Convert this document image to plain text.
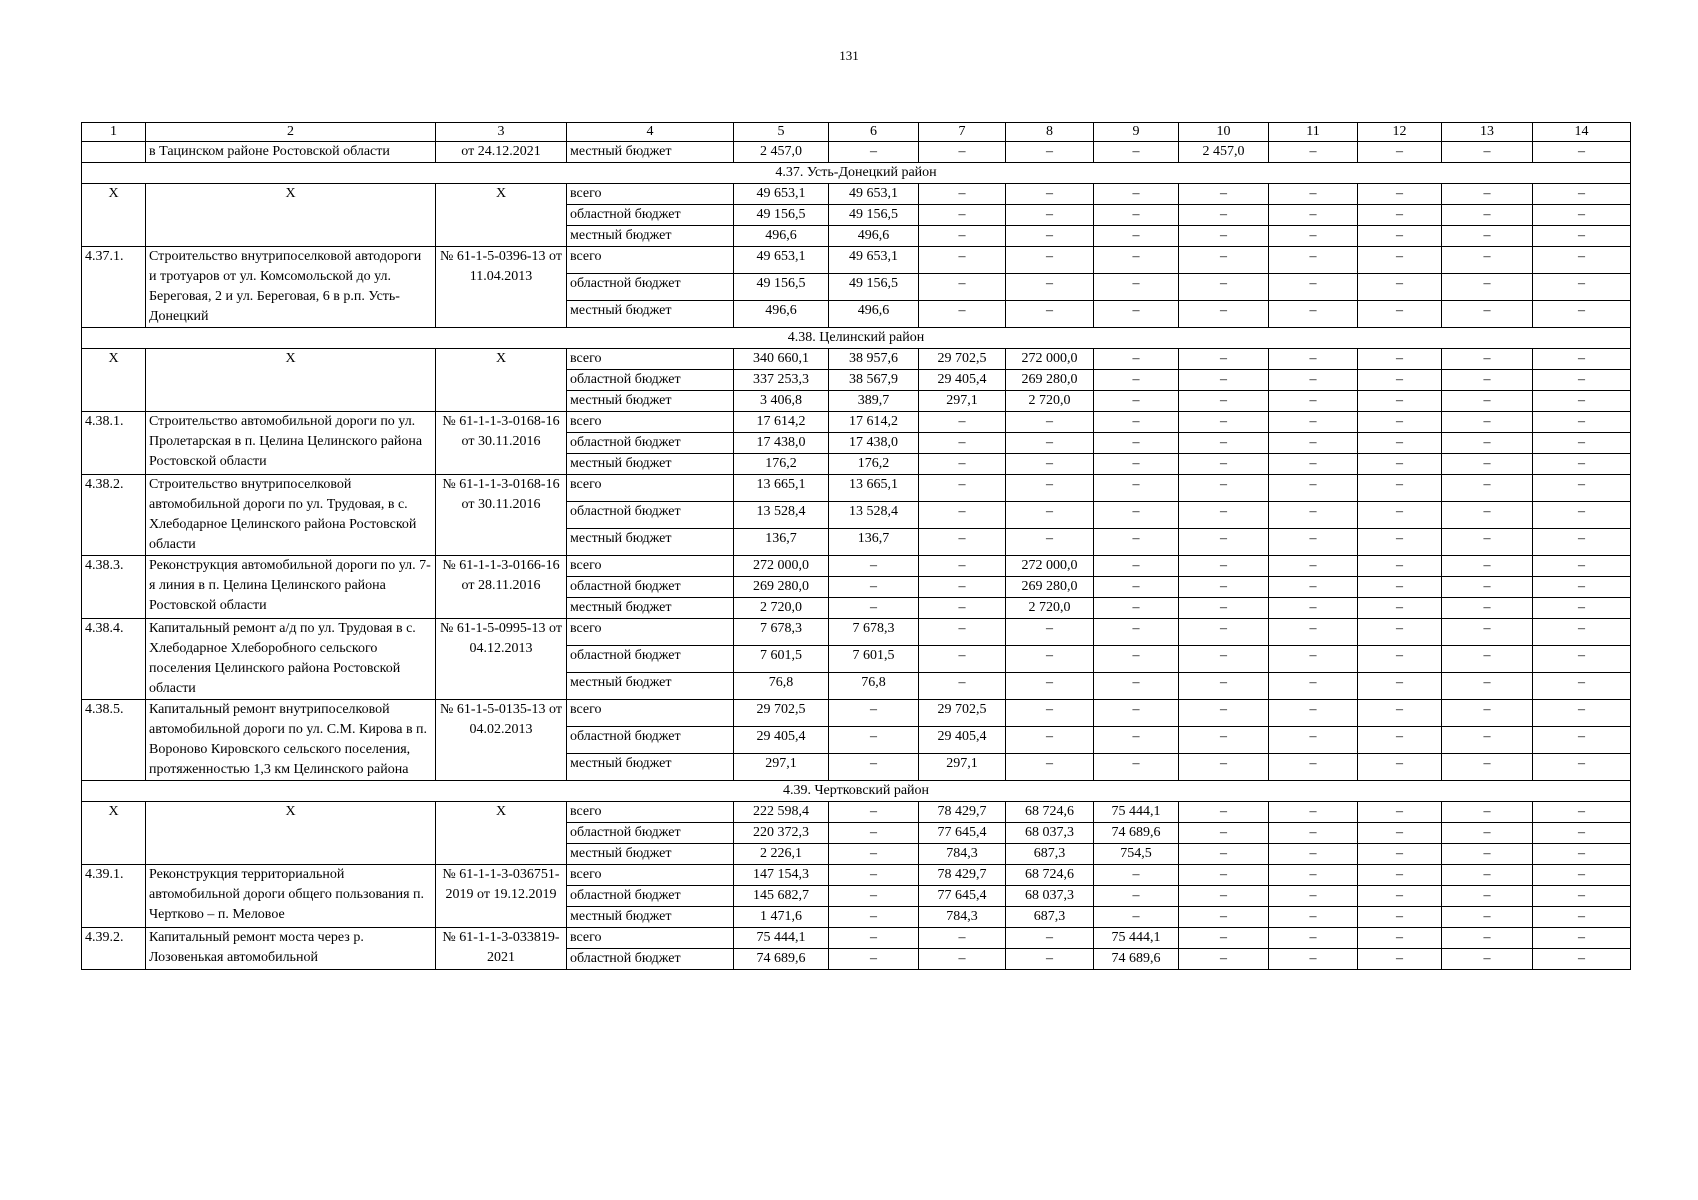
131
1	2	3	4	5	6	7	8	9	10	11	12	13	14
	в Тацинском районе Ростовской области	от 24.12.2021	местный бюджет	2 457,0	–	–	–	–	2 457,0	–	–	–	–
4.37. Усть-Донецкий район													
X	X	X	всего	49 653,1	49 653,1	–	–	–	–	–	–	–	–
			областной бюджет	49 156,5	49 156,5	–	–	–	–	–	–	–	–
			местный бюджет	496,6	496,6	–	–	–	–	–	–	–	–
4.37.1.	Строительство внутрипоселковой автодороги и тротуаров от ул. Комсомольской до ул. Береговая, 2 и ул. Береговая, 6 в р.п. Усть-Донецкий	№ 61-1-5-0396-13 от 11.04.2013	всего	49 653,1	49 653,1	–	–	–	–	–	–	–	–
			областной бюджет	49 156,5	49 156,5	–	–	–	–	–	–	–	–
			местный бюджет	496,6	496,6	–	–	–	–	–	–	–	–
4.38. Целинский район													
X	X	X	всего	340 660,1	38 957,6	29 702,5	272 000,0	–	–	–	–	–	–
			областной бюджет	337 253,3	38 567,9	29 405,4	269 280,0	–	–	–	–	–	–
			местный бюджет	3 406,8	389,7	297,1	2 720,0	–	–	–	–	–	–
4.38.1.	Строительство автомобильной дороги по ул. Пролетарская в п. Целина Целинского района Ростовской области	№ 61-1-1-3-0168-16 от 30.11.2016	всего	17 614,2	17 614,2	–	–	–	–	–	–	–	–
			областной бюджет	17 438,0	17 438,0	–	–	–	–	–	–	–	–
			местный бюджет	176,2	176,2	–	–	–	–	–	–	–	–
4.38.2.	Строительство внутрипоселковой автомобильной дороги по ул. Трудовая, в с. Хлебодарное Целинского района Ростовской области	№ 61-1-1-3-0168-16 от 30.11.2016	всего	13 665,1	13 665,1	–	–	–	–	–	–	–	–
			областной бюджет	13 528,4	13 528,4	–	–	–	–	–	–	–	–
			местный бюджет	136,7	136,7	–	–	–	–	–	–	–	–
4.38.3.	Реконструкция автомобильной дороги по ул. 7-я линия в п. Целина Целинского района Ростовской области	№ 61-1-1-3-0166-16 от 28.11.2016	всего	272 000,0	–	–	272 000,0	–	–	–	–	–	–
			областной бюджет	269 280,0	–	–	269 280,0	–	–	–	–	–	–
			местный бюджет	2 720,0	–	–	2 720,0	–	–	–	–	–	–
4.38.4.	Капитальный ремонт а/д по ул. Трудовая в с. Хлебодарное Хлеборобного сельского поселения Целинского района Ростовской области	№ 61-1-5-0995-13 от 04.12.2013	всего	7 678,3	7 678,3	–	–	–	–	–	–	–	–
			областной бюджет	7 601,5	7 601,5	–	–	–	–	–	–	–	–
			местный бюджет	76,8	76,8	–	–	–	–	–	–	–	–
4.38.5.	Капитальный ремонт внутрипоселковой автомобильной дороги по ул. С.М. Кирова в п. Вороново Кировского сельского поселения, протяженностью 1,3 км Целинского района	№ 61-1-5-0135-13 от 04.02.2013	всего	29 702,5	–	29 702,5	–	–	–	–	–	–	–
			областной бюджет	29 405,4	–	29 405,4	–	–	–	–	–	–	–
			местный бюджет	297,1	–	297,1	–	–	–	–	–	–	–
4.39. Чертковский район													
X	X	X	всего	222 598,4	–	78 429,7	68 724,6	75 444,1	–	–	–	–	–
			областной бюджет	220 372,3	–	77 645,4	68 037,3	74 689,6	–	–	–	–	–
			местный бюджет	2 226,1	–	784,3	687,3	754,5	–	–	–	–	–
4.39.1.	Реконструкция территориальной автомобильной дороги общего пользования п. Чертково – п. Меловое	№ 61-1-1-3-036751-2019 от 19.12.2019	всего	147 154,3	–	78 429,7	68 724,6	–	–	–	–	–	–
			областной бюджет	145 682,7	–	77 645,4	68 037,3	–	–	–	–	–	–
			местный бюджет	1 471,6	–	784,3	687,3	–	–	–	–	–	–
4.39.2.	Капитальный ремонт моста через р. Лозовенькая автомобильной	№ 61-1-1-3-033819-2021	всего	75 444,1	–	–	–	75 444,1	–	–	–	–	–
			областной бюджет	74 689,6	–	–	–	74 689,6	–	–	–	–	–
